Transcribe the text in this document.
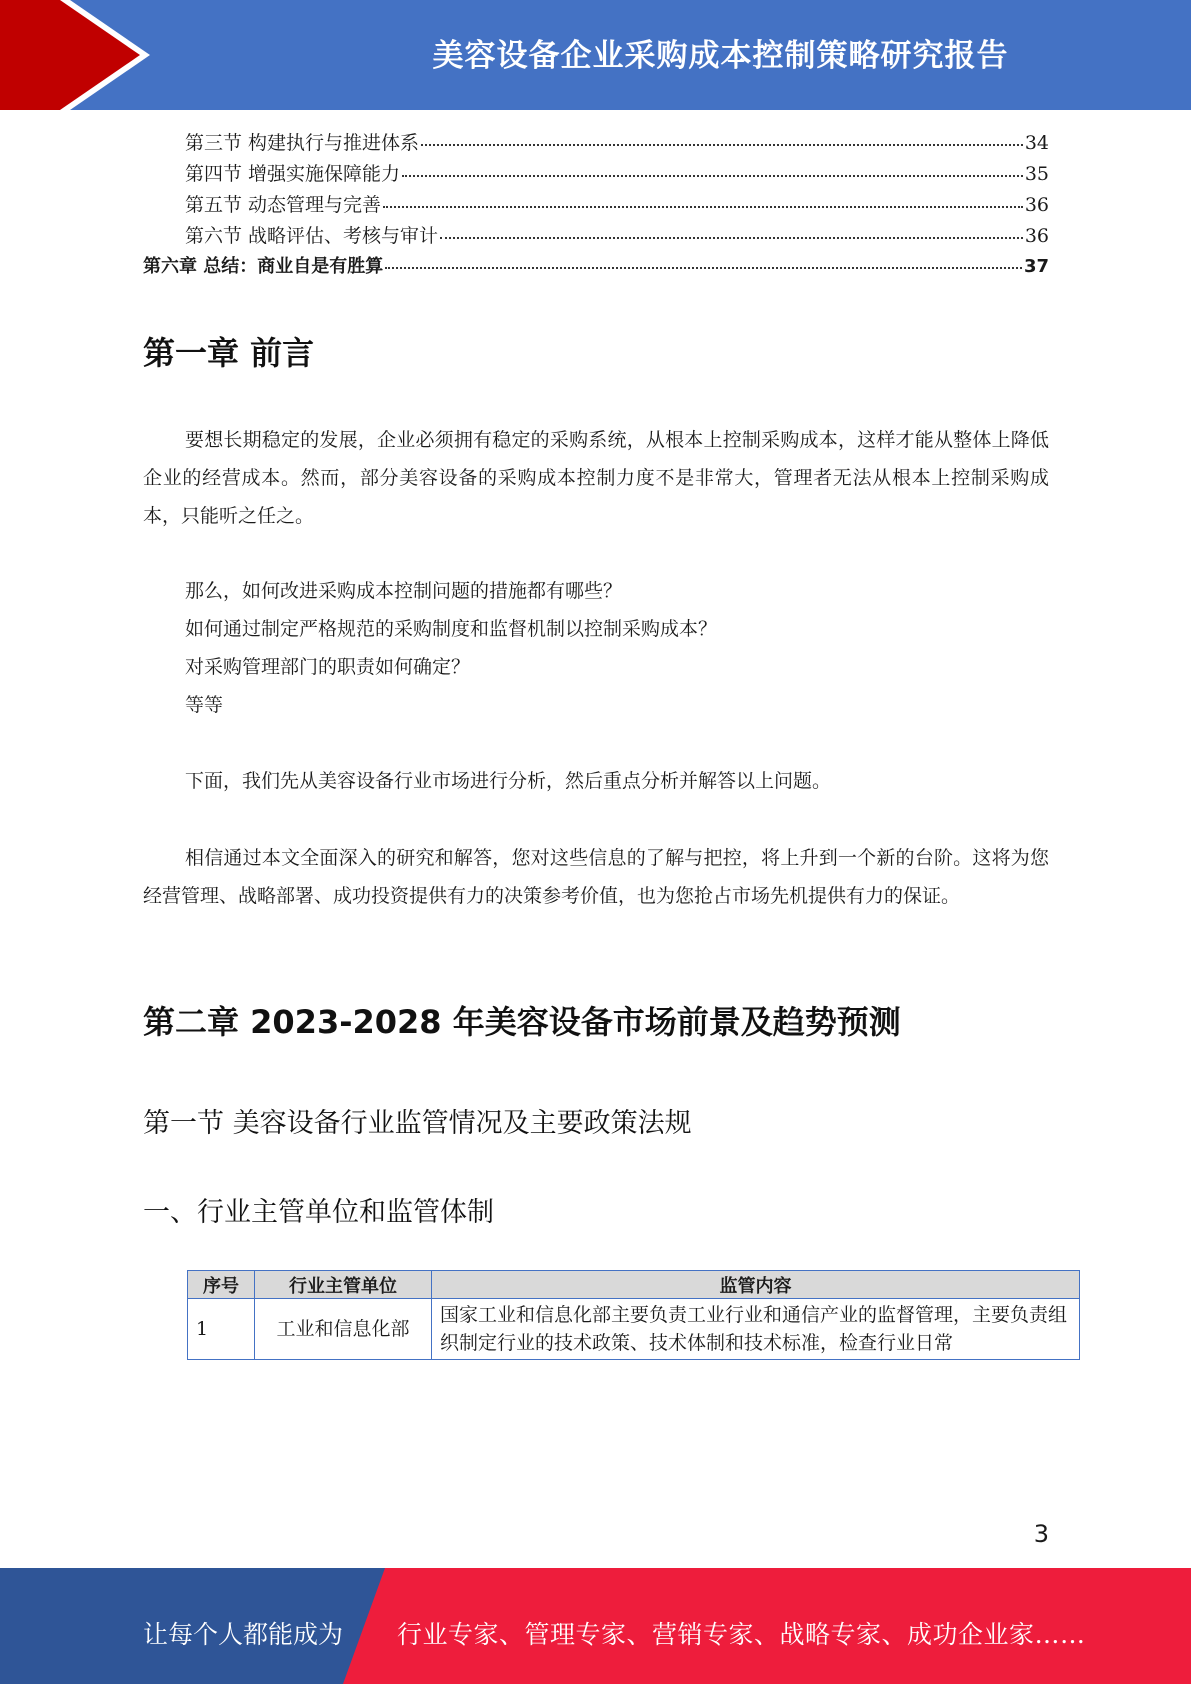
美容设备企业采购成本控制策略研究报告
第三节 构建执行与推进体系	34
第四节 增强实施保障能力	35
第五节 动态管理与完善	36
第六节 战略评估、考核与审计	36
第六章 总结：商业自是有胜算	37
第一章 前言

要想长期稳定的发展，企业必须拥有稳定的采购系统，从根本上控制采购成本，这样才能从整体上降低企业的经营成本。然而，部分美容设备的采购成本控制力度不是非常大，管理者无法从根本上控制采购成本，只能听之任之。

那么，如何改进采购成本控制问题的措施都有哪些？
如何通过制定严格规范的采购制度和监督机制以控制采购成本？
对采购管理部门的职责如何确定？
等等

下面，我们先从美容设备行业市场进行分析，然后重点分析并解答以上问题。

相信通过本文全面深入的研究和解答，您对这些信息的了解与把控，将上升到一个新的台阶。这将为您经营管理、战略部署、成功投资提供有力的决策参考价值，也为您抢占市场先机提供有力的保证。

第二章 2023-2028 年美容设备市场前景及趋势预测
第一节 美容设备行业监管情况及主要政策法规
一、行业主管单位和监管体制
序号	行业主管单位	监管内容
1	工业和信息化部	国家工业和信息化部主要负责工业行业和通信产业的监督管理，主要负责组织制定行业的技术政策、技术体制和技术标准，检查行业日常
3
让每个人都能成为 行业专家、管理专家、营销专家、战略专家、成功企业家……
